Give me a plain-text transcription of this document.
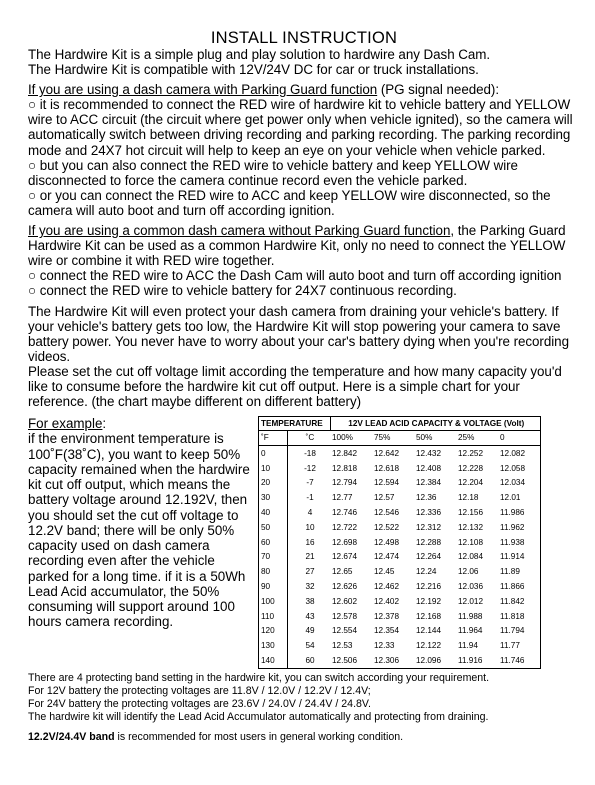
INSTALL INSTRUCTION

The Hardwire Kit is a simple plug and play solution to hardwire any Dash Cam.

The Hardwire Kit is compatible with 12V/24V DC for car or truck installations.

If you are using a dash camera with Parking Guard function (PG signal needed):

○ it is recommended to connect the RED wire of hardwire kit to vehicle battery and YELLOW wire to ACC circuit (the circuit where get power only when vehicle ignited), so the camera will automatically switch between driving recording and parking recording. The parking recording mode and 24X7 hot circuit will help to keep an eye on your vehicle when vehicle parked.

○ but you can also connect the RED wire to vehicle battery and keep YELLOW wire disconnected to force the camera continue record even the vehicle parked.

○ or you can connect the RED wire to ACC and keep YELLOW wire disconnected, so the camera will auto boot and turn off according ignition.

If you are using a common dash camera without Parking Guard function, the Parking Guard Hardwire Kit can be used as a common Hardwire Kit, only no need to connect the YELLOW wire or combine it with RED wire together.

○ connect the RED wire to ACC the Dash Cam will auto boot and turn off according ignition

○ connect the RED wire to vehicle battery for 24X7 continuous recording.

The Hardwire Kit will even protect your dash camera from draining your vehicle's battery. If your vehicle's battery gets too low, the Hardwire Kit will stop powering your camera to save battery power. You never have to worry about your car's battery dying when you're recording videos.

Please set the cut off voltage limit according the temperature and how many capacity you'd like to consume before the hardwire kit cut off output. Here is a simple chart for your reference. (the chart maybe different on different battery)

For example:
if the environment temperature is 100˚F(38˚C), you want to keep 50% capacity remained when the hardwire kit cut off output, which means the battery voltage around 12.192V, then you should set the cut off voltage to 12.2V band; there will be only 50% capacity used on dash camera recording even after the vehicle parked for a long time. if it is a 50Wh Lead Acid accumulator, the 50% consuming will support around 100 hours camera recording.
TEMPERATURE		12V LEAD ACID CAPACITY & VOLTAGE (Volt)				
˚F	˚C	100%	75%	50%	25%	0
0	-18	12.842	12.642	12.432	12.252	12.082
10	-12	12.818	12.618	12.408	12.228	12.058
20	-7	12.794	12.594	12.384	12.204	12.034
30	-1	12.77	12.57	12.36	12.18	12.01
40	4	12.746	12.546	12.336	12.156	11.986
50	10	12.722	12.522	12.312	12.132	11.962
60	16	12.698	12.498	12.288	12.108	11.938
70	21	12.674	12.474	12.264	12.084	11.914
80	27	12.65	12.45	12.24	12.06	11.89
90	32	12.626	12.462	12.216	12.036	11.866
100	38	12.602	12.402	12.192	12.012	11.842
110	43	12.578	12.378	12.168	11.988	11.818
120	49	12.554	12.354	12.144	11.964	11.794
130	54	12.53	12.33	12.122	11.94	11.77
140	60	12.506	12.306	12.096	11.916	11.746

There are 4 protecting band setting in the hardwire kit, you can switch according your requirement.

For 12V battery the protecting voltages are 11.8V / 12.0V / 12.2V / 12.4V;

For 24V battery the protecting voltages are 23.6V / 24.0V / 24.4V / 24.8V.

The hardwire kit will identify the Lead Acid Accumulator automatically and protecting from draining.

12.2V/24.4V band is recommended for most users in general working condition.
